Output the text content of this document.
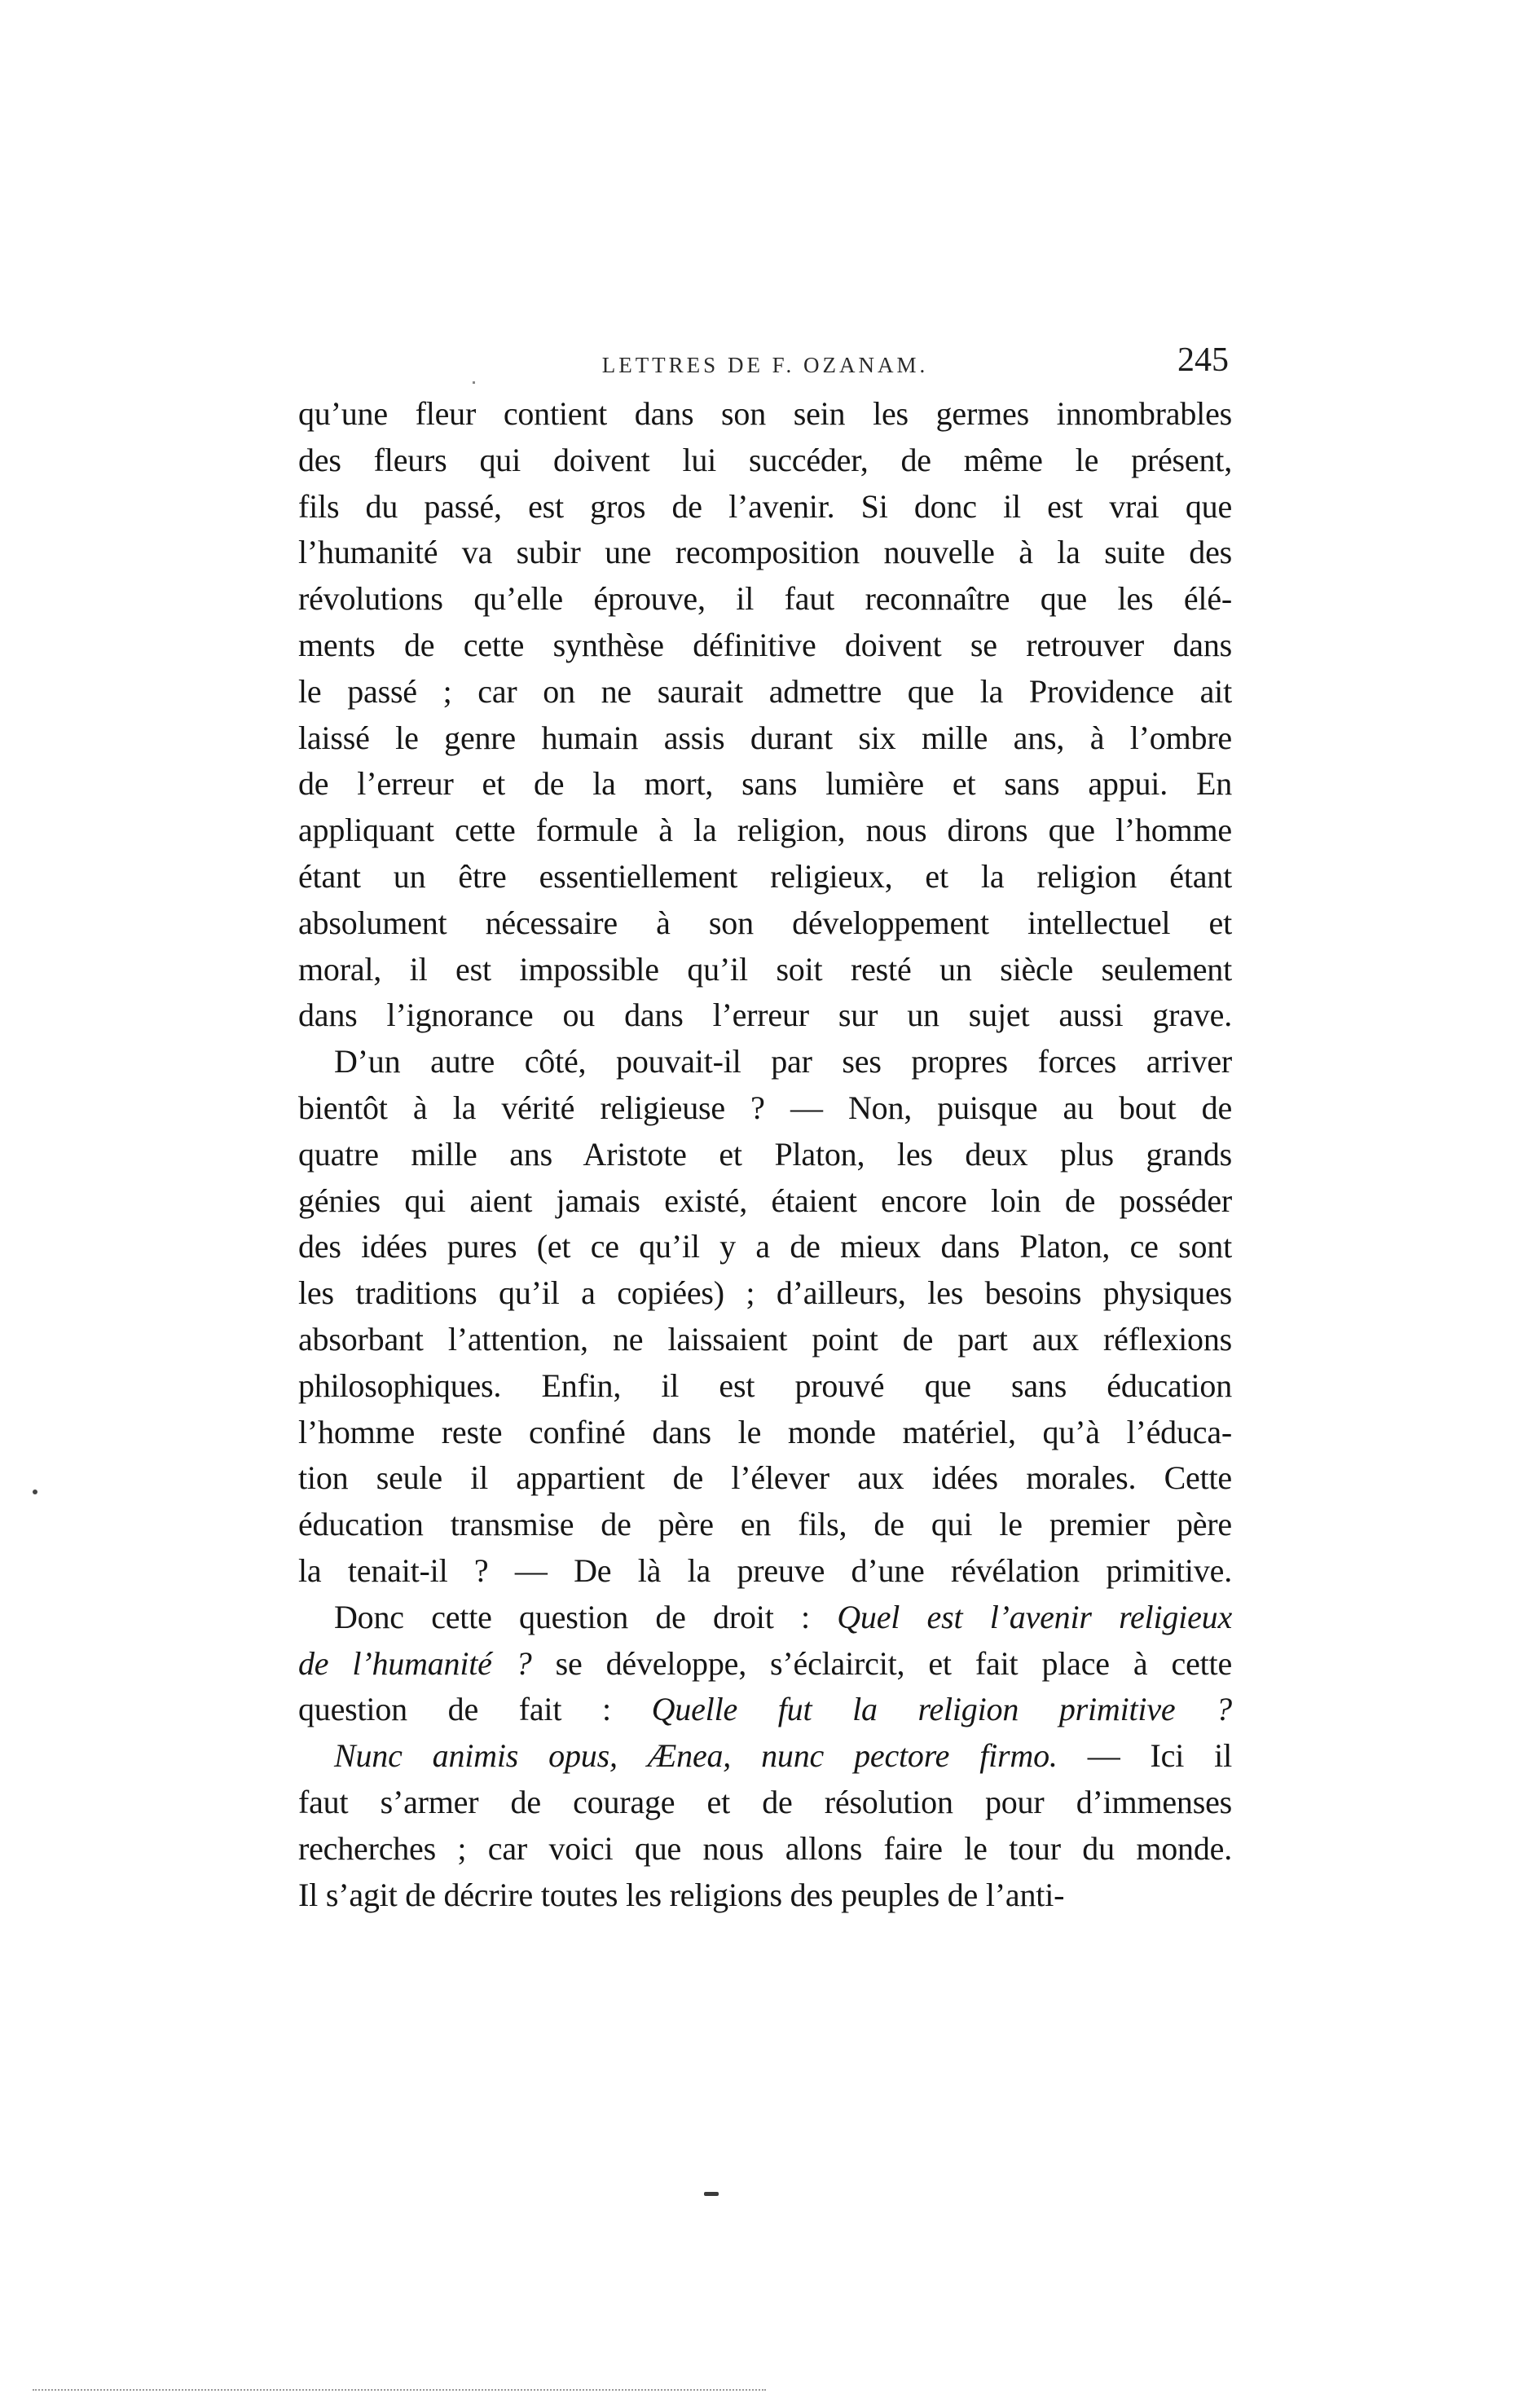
LETTRES DE F. OZANAM.	245

qu’une fleur contient dans son sein les germes innombrables
des fleurs qui doivent lui succéder, de même le présent,
fils du passé, est gros de l’avenir. Si donc il est vrai que
l’humanité va subir une recomposition nouvelle à la suite des
révolutions qu’elle éprouve, il faut reconnaître que les élé-
ments de cette synthèse définitive doivent se retrouver dans
le passé ; car on ne saurait admettre que la Providence ait
laissé le genre humain assis durant six mille ans, à l’ombre
de l’erreur et de la mort, sans lumière et sans appui. En
appliquant cette formule à la religion, nous dirons que l’homme
étant un être essentiellement religieux, et la religion étant
absolument nécessaire à son développement intellectuel et
moral, il est impossible qu’il soit resté un siècle seulement
dans l’ignorance ou dans l’erreur sur un sujet aussi grave.

D’un autre côté, pouvait-il par ses propres forces arriver
bientôt à la vérité religieuse ? — Non, puisque au bout de
quatre mille ans Aristote et Platon, les deux plus grands
génies qui aient jamais existé, étaient encore loin de posséder
des idées pures (et ce qu’il y a de mieux dans Platon, ce sont
les traditions qu’il a copiées) ; d’ailleurs, les besoins physiques
absorbant l’attention, ne laissaient point de part aux réflexions
philosophiques. Enfin, il est prouvé que sans éducation
l’homme reste confiné dans le monde matériel, qu’à l’éduca-
tion seule il appartient de l’élever aux idées morales. Cette
éducation transmise de père en fils, de qui le premier père
la tenait-il ? — De là la preuve d’une révélation primitive.

Donc cette question de droit : Quel est l’avenir religieux
de l’humanité ? se développe, s’éclaircit, et fait place à cette
question de fait : Quelle fut la religion primitive ?

Nunc animis opus, Ænea, nunc pectore firmo. — Ici il
faut s’armer de courage et de résolution pour d’immenses
recherches ; car voici que nous allons faire le tour du monde.
Il s’agit de décrire toutes les religions des peuples de l’anti-
